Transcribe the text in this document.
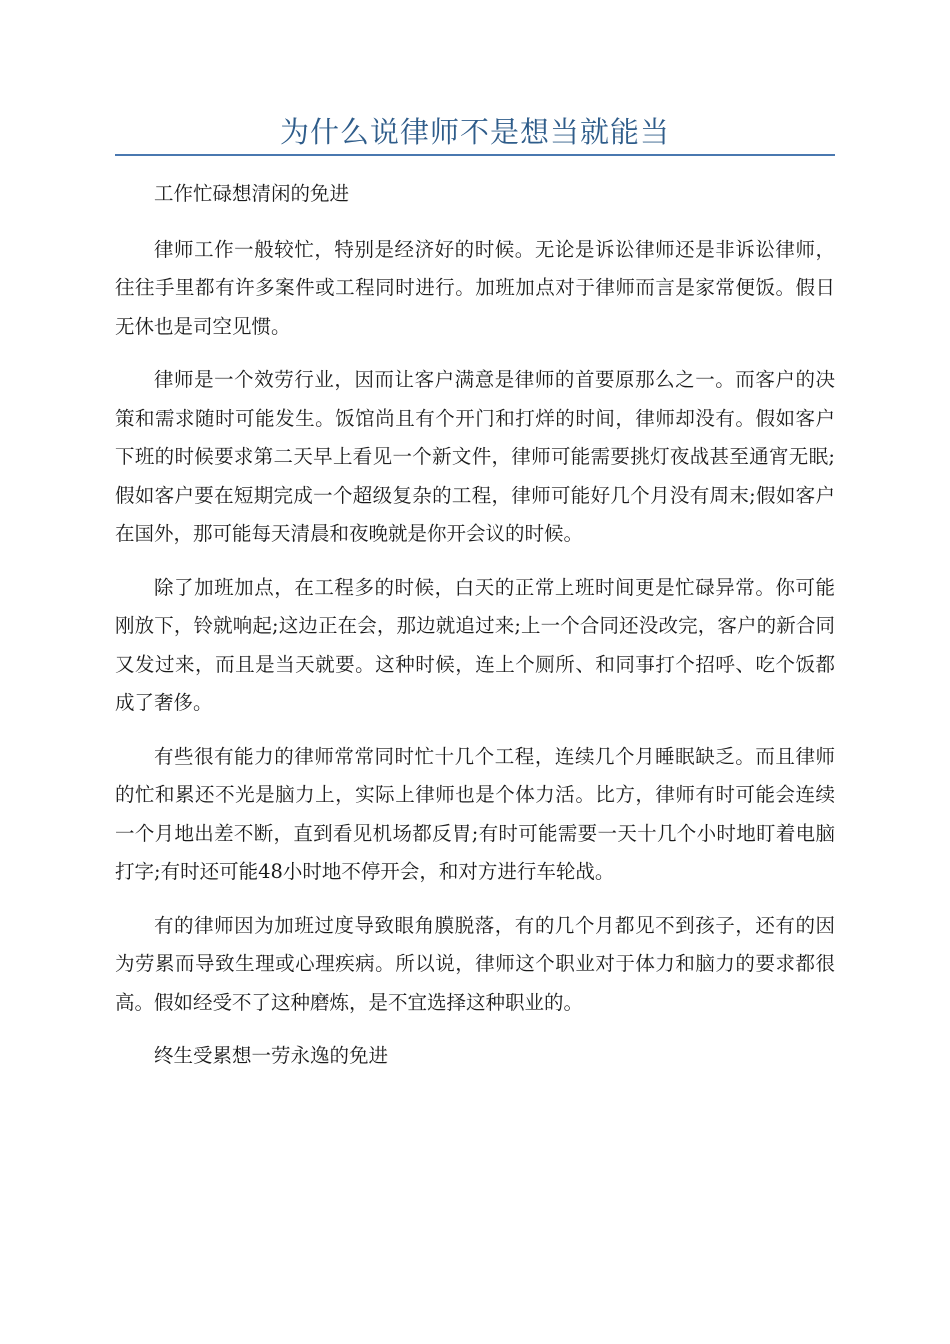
为什么说律师不是想当就能当

工作忙碌想清闲的免进

律师工作一般较忙，特别是经济好的时候。无论是诉讼律师还是非诉讼律师，往往手里都有许多案件或工程同时进行。加班加点对于律师而言是家常便饭。假日无休也是司空见惯。

律师是一个效劳行业，因而让客户满意是律师的首要原那么之一。而客户的决策和需求随时可能发生。饭馆尚且有个开门和打烊的时间，律师却没有。假如客户下班的时候要求第二天早上看见一个新文件，律师可能需要挑灯夜战甚至通宵无眠;假如客户要在短期完成一个超级复杂的工程，律师可能好几个月没有周末;假如客户在国外，那可能每天清晨和夜晚就是你开会议的时候。

除了加班加点，在工程多的时候，白天的正常上班时间更是忙碌异常。你可能刚放下，铃就响起;这边正在会，那边就追过来;上一个合同还没改完，客户的新合同又发过来，而且是当天就要。这种时候，连上个厕所、和同事打个招呼、吃个饭都成了奢侈。

有些很有能力的律师常常同时忙十几个工程，连续几个月睡眠缺乏。而且律师的忙和累还不光是脑力上，实际上律师也是个体力活。比方，律师有时可能会连续一个月地出差不断，直到看见机场都反胃;有时可能需要一天十几个小时地盯着电脑打字;有时还可能48小时地不停开会，和对方进行车轮战。

有的律师因为加班过度导致眼角膜脱落，有的几个月都见不到孩子，还有的因为劳累而导致生理或心理疾病。所以说，律师这个职业对于体力和脑力的要求都很高。假如经受不了这种磨炼，是不宜选择这种职业的。

终生受累想一劳永逸的免进
